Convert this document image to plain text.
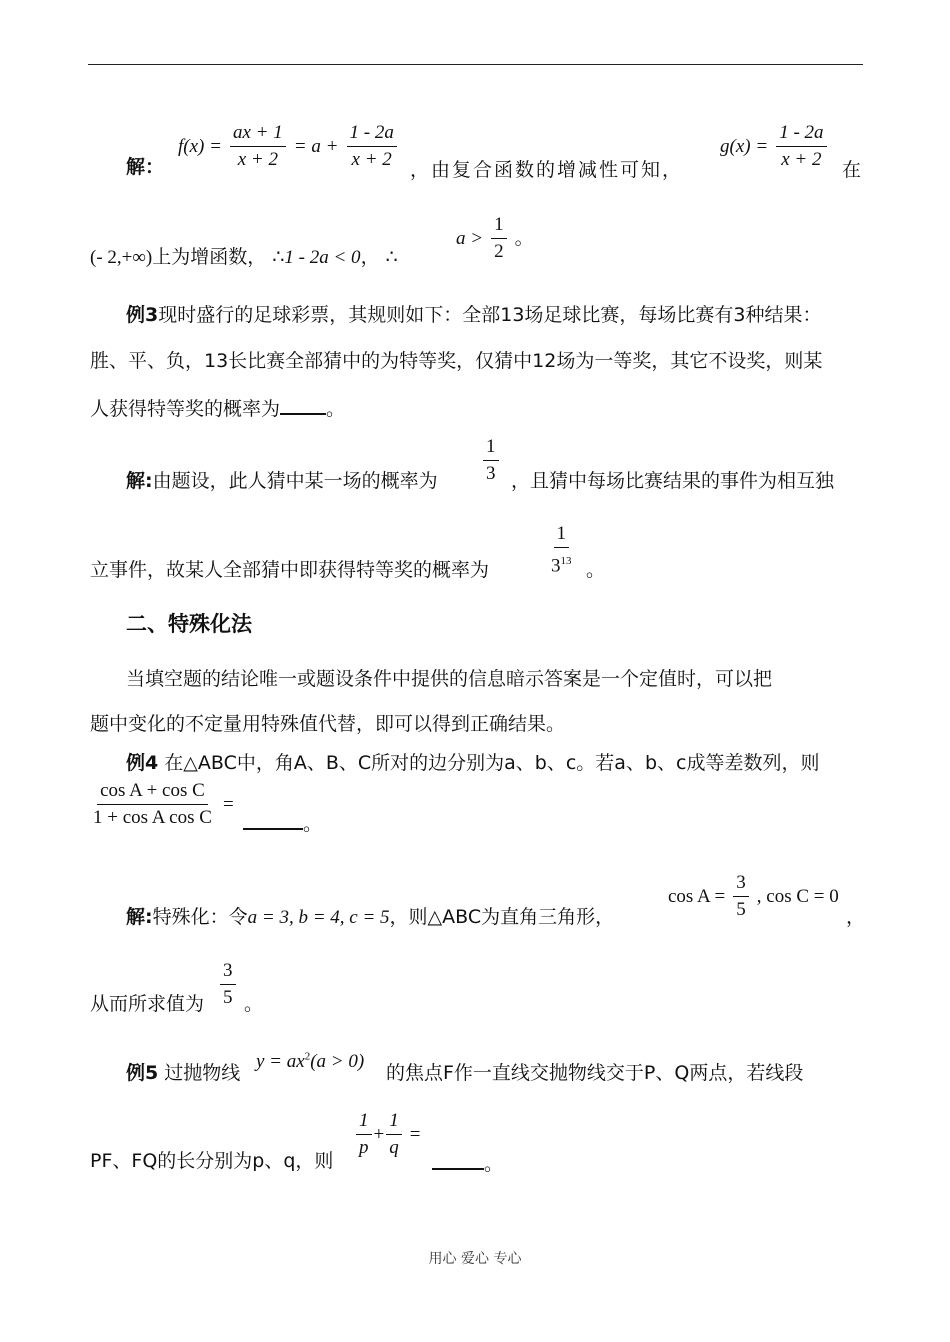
解：
$f(x) = \frac{ax + 1}{x + 2} = a + \frac{1 - 2a}{x + 2}$ ，由复合函数的增减性可知，
$g(x) = \frac{1 - 2a}{x + 2}$ 在
(- 2,+∞)上为增函数， ∴1 - 2a < 0， ∴
$a > \frac{1}{2}$ 。
例3现时盛行的足球彩票，其规则如下：全部13场足球比赛，每场比赛有3种结果：
胜、平、负，13长比赛全部猜中的为特等奖，仅猜中12场为一等奖，其它不设奖，则某
人获得特等奖的概率为 。
解:由题设，此人猜中某一场的概率为 $\frac{1}{3}$ ，且猜中每场比赛结果的事件为相互独
立事件，故某人全部猜中即获得特等奖的概率为	$\frac{1}{3^{13}}$ 。
二、特殊化法
当填空题的结论唯一或题设条件中提供的信息暗示答案是一个定值时，可以把
题中变化的不定量用特殊值代替，即可以得到正确结果。
例4 在△ABC中，角A、B、C所对的边分别为a、b、c。若a、b、c成等差数列，则
$\frac{\text{cos A + cos C}}{\text{1 + cos A cos C}}$ =
。
解:特殊化：令a = 3, b = 4, c = 5，则△ABC为直角三角形，
$\cos A = \frac{3}{5}$ , cos C = 0
，
从而所求值为 $\frac{3}{5}$ 。
例5 过抛物线
$y = ax^2(a > 0)$
的焦点F作一直线交抛物线交于P、Q两点，若线段
PF、FQ的长分别为p、q，则
$\frac{1}{p} + \frac{1}{q}$ =
。
用心 爱心 专心
